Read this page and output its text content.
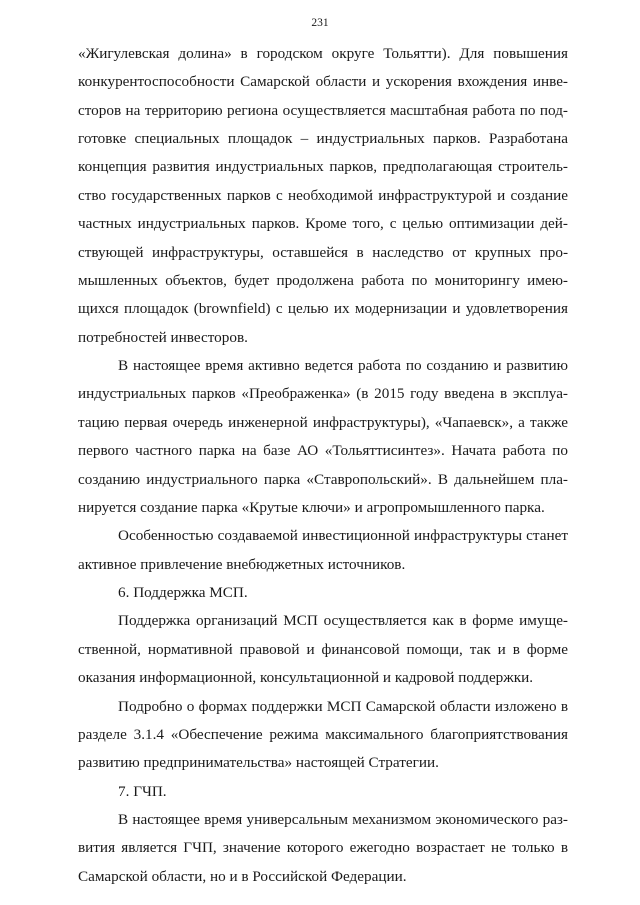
231
«Жигулевская долина» в городском округе Тольятти). Для повышения
конкурентоспособности Самарской области и ускорения вхождения инве-
сторов на территорию региона осуществляется масштабная работа по под-
готовке специальных площадок – индустриальных парков. Разработана
концепция развития индустриальных парков, предполагающая строитель-
ство государственных парков с необходимой инфраструктурой и создание
частных индустриальных парков. Кроме того, с целью оптимизации дей-
ствующей инфраструктуры, оставшейся в наследство от крупных про-
мышленных объектов, будет продолжена работа по мониторингу имею-
щихся площадок (brownfield) с целью их модернизации и удовлетворения
потребностей инвесторов.
В настоящее время активно ведется работа по созданию и развитию
индустриальных парков «Преображенка» (в 2015 году введена в эксплуа-
тацию первая очередь инженерной инфраструктуры), «Чапаевск», а также
первого частного парка на базе АО «Тольяттисинтез». Начата работа по
созданию индустриального парка «Ставропольский». В дальнейшем пла-
нируется создание парка «Крутые ключи» и агропромышленного парка.
Особенностью создаваемой инвестиционной инфраструктуры станет
активное привлечение внебюджетных источников.
6. Поддержка МСП.
Поддержка организаций МСП осуществляется как в форме имуще-
ственной, нормативной правовой и финансовой помощи, так и в форме
оказания информационной, консультационной и кадровой поддержки.
Подробно о формах поддержки МСП Самарской области изложено в
разделе 3.1.4 «Обеспечение режима максимального благоприятствования
развитию предпринимательства» настоящей Стратегии.
7. ГЧП.
В настоящее время универсальным механизмом экономического раз-
вития является ГЧП, значение которого ежегодно возрастает не только в
Самарской области, но и в Российской Федерации.
